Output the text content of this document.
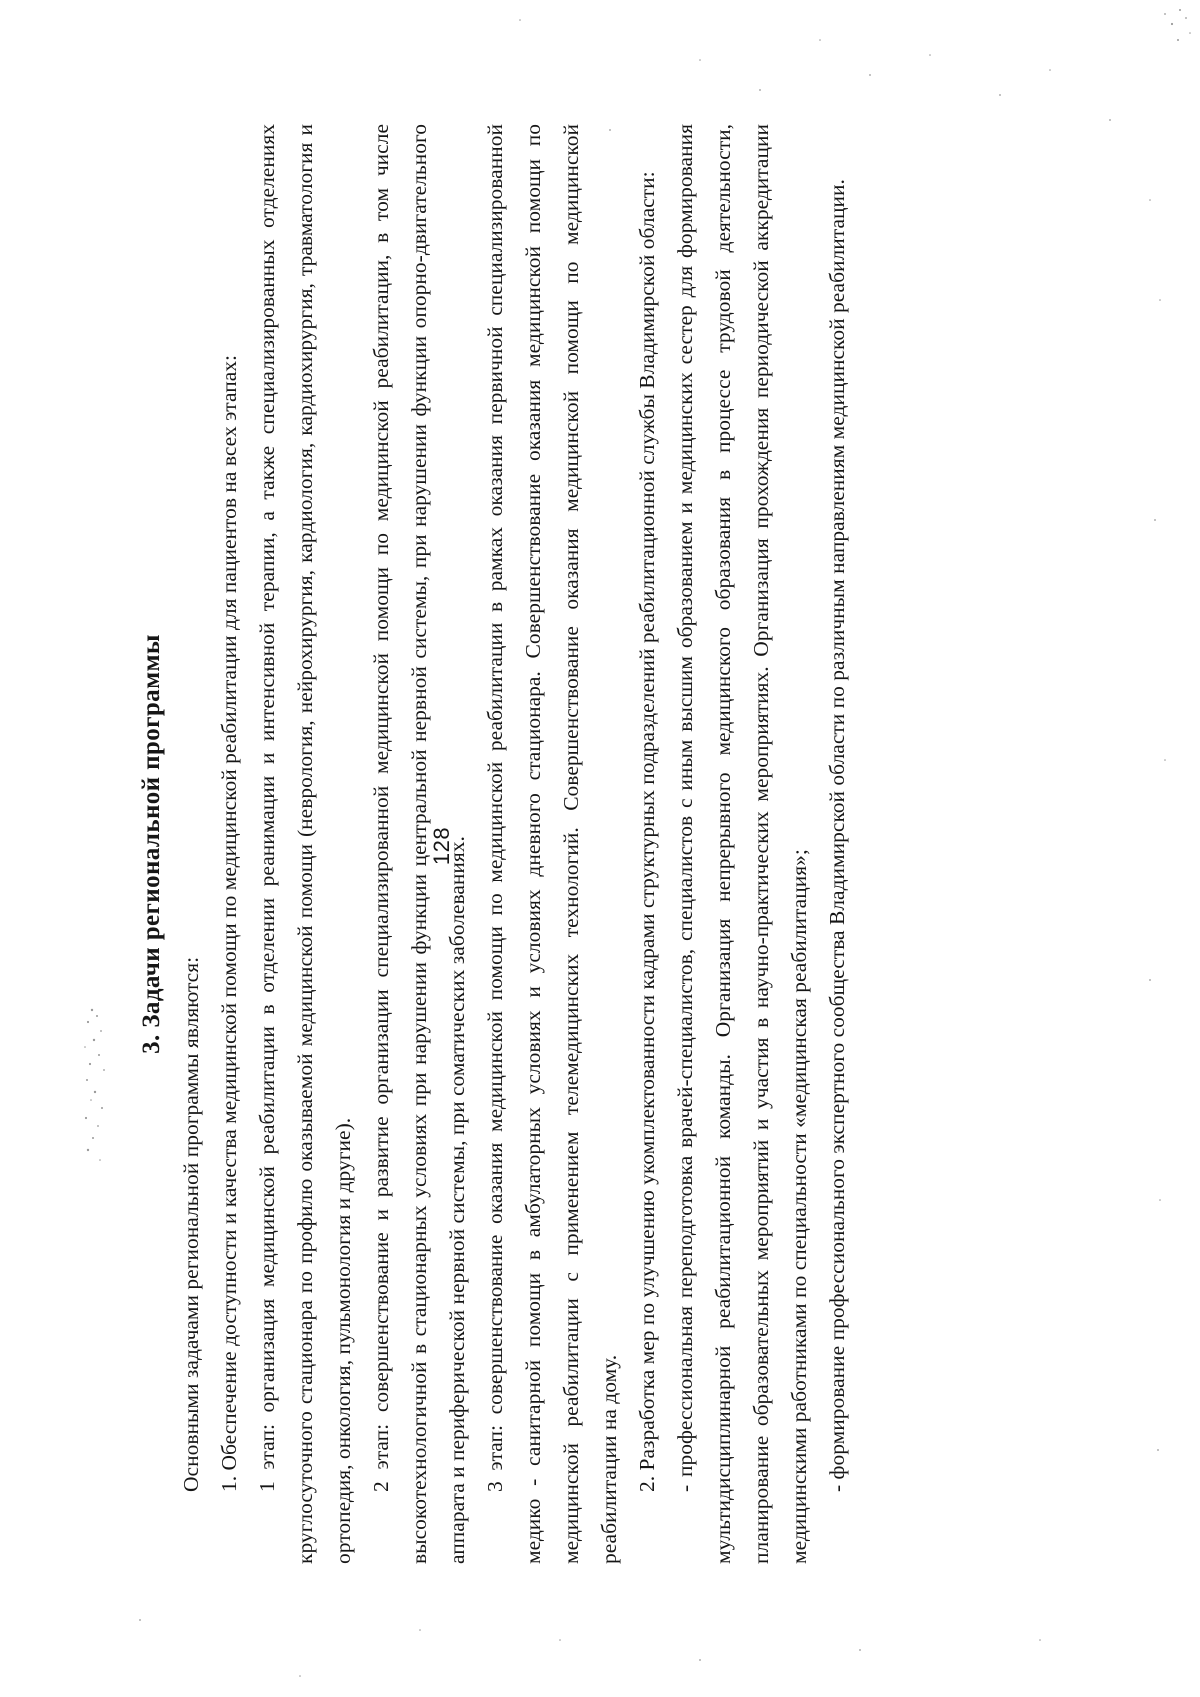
128
3. Задачи региональной программы

Основными задачами региональной программы являются: 1. Обеспечение доступности и качества медицинской помощи по медицинской реабилитации для пациентов на всех этапах: 1 этап: организация медицинской реабилитации в отделении реанимации и интенсивной терапии, а также специализированных отделениях круглосуточного стационара по профилю оказываемой медицинской помощи (неврология, нейрохирургия, кардиология, кардиохирургия, травматология и ортопедия, онкология, пульмонология и другие). 2 этап: совершенствование и развитие организации специализированной медицинской помощи по медицинской реабилитации, в том числе высокотехнологичной в стационарных условиях при нарушении функции центральной нервной системы, при нарушении функции опорно-двигательного аппарата и периферической нервной системы, при соматических заболеваниях. 3 этап: совершенствование оказания медицинской помощи по медицинской реабилитации в рамках оказания первичной специализированной медико - санитарной помощи в амбулаторных условиях и условиях дневного стационара. Совершенствование оказания медицинской помощи по медицинской реабилитации с применением телемедицинских технологий. Совершенствование оказания медицинской помощи по медицинской реабилитации на дому. 2. Разработка мер по улучшению укомплектованности кадрами структурных подразделений реабилитационной службы Владимирской области: - профессиональная переподготовка врачей-специалистов, специалистов с иным высшим образованием и медицинских сестер для формирования мультидисциплинарной реабилитационной команды. Организация непрерывного медицинского образования в процессе трудовой деятельности, планирование образовательных мероприятий и участия в научно-практических мероприятиях. Организация прохождения периодической аккредитации медицинскими работниками по специальности «медицинская реабилитация»; - формирование профессионального экспертного сообщества Владимирской области по различным направлениям медицинской реабилитации.
